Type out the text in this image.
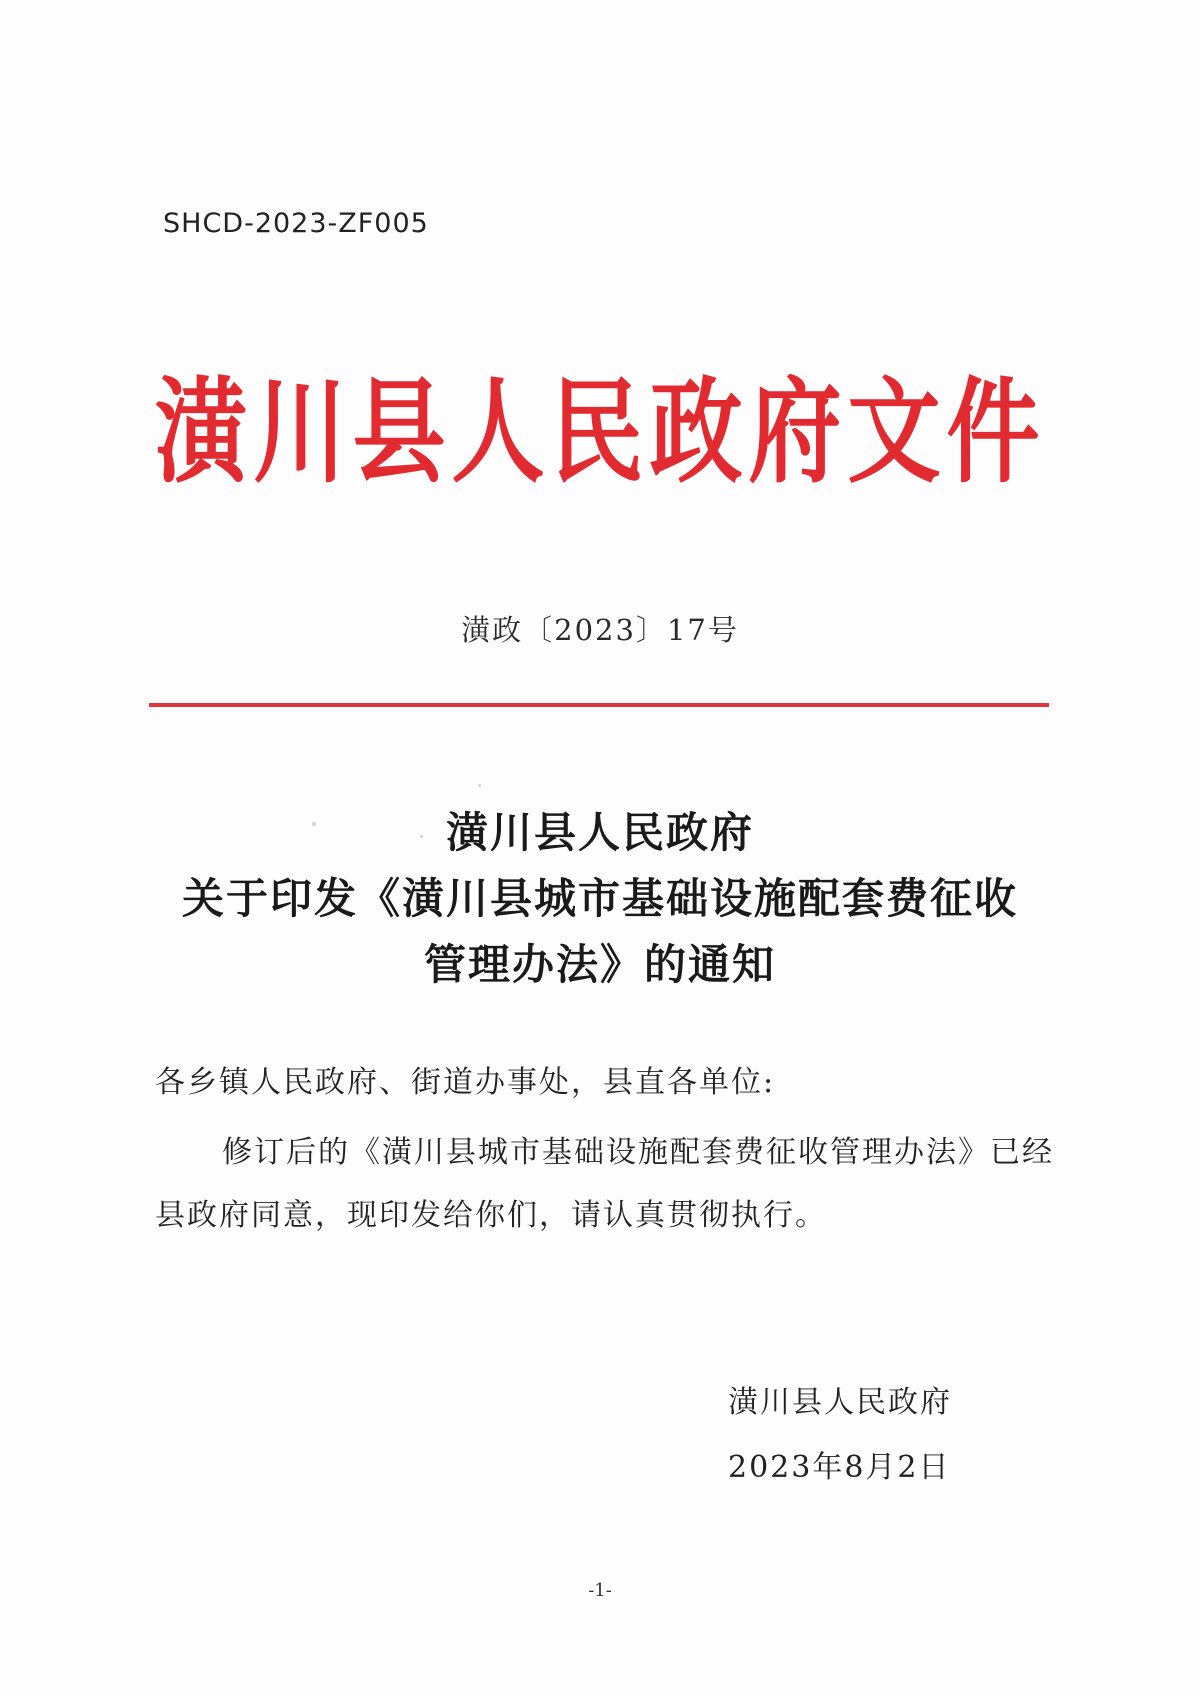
SHCD-2023-ZF005
潢川县人民政府文件
潢政〔2023〕17号
潢川县人民政府
关于印发《潢川县城市基础设施配套费征收
管理办法》的通知
各乡镇人民政府、街道办事处，县直各单位:
修订后的《潢川县城市基础设施配套费征收管理办法》已经
县政府同意，现印发给你们，请认真贯彻执行。
潢川县人民政府
2023年8月2日
-1-
